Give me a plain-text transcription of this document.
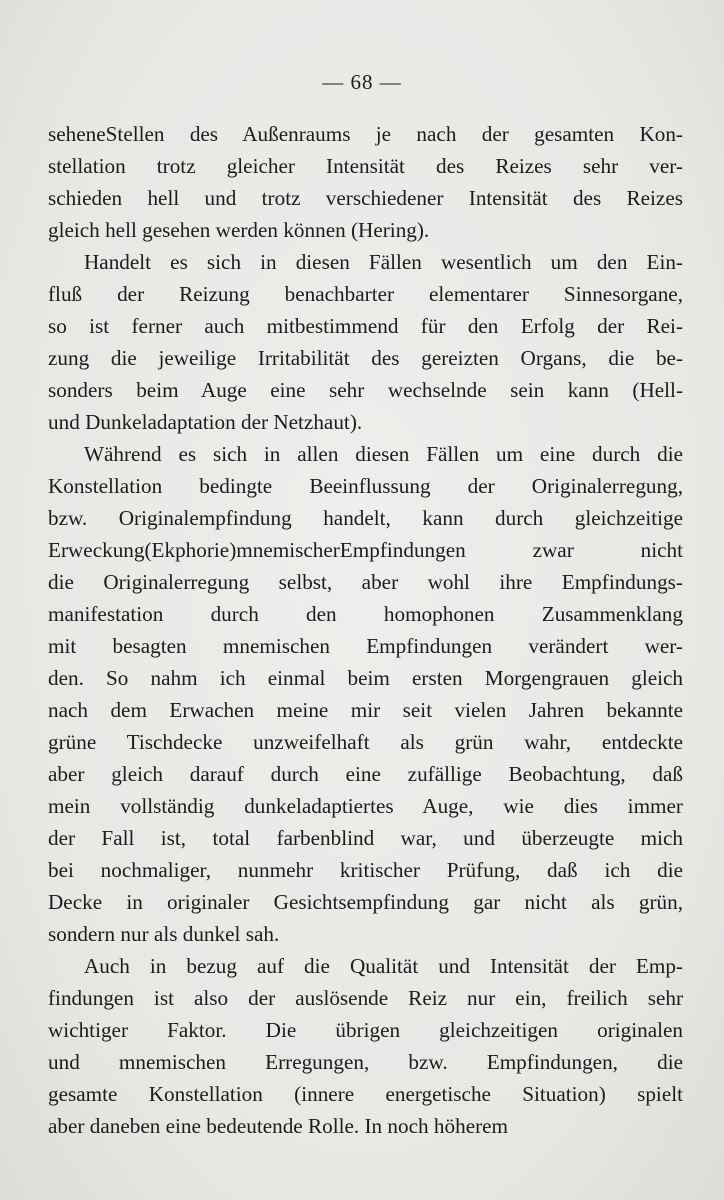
— 68 —
seheneStellen des Außenraums je nach der gesamten Kon-
stellation trotz gleicher Intensität des Reizes sehr ver-
schieden hell und trotz verschiedener Intensität des Reizes
gleich hell gesehen werden können (Hering).
Handelt es sich in diesen Fällen wesentlich um den Ein-
fluß der Reizung benachbarter elementarer Sinnesorgane,
so ist ferner auch mitbestimmend für den Erfolg der Rei-
zung die jeweilige Irritabilität des gereizten Organs, die be-
sonders beim Auge eine sehr wechselnde sein kann (Hell-
und Dunkeladaptation der Netzhaut).
Während es sich in allen diesen Fällen um eine durch die
Konstellation bedingte Beeinflussung der Originalerregung,
bzw. Originalempfindung handelt, kann durch gleichzeitige
Erweckung(Ekphorie)mnemischerEmpfindungen zwar nicht
die Originalerregung selbst, aber wohl ihre Empfindungs-
manifestation durch den homophonen Zusammenklang
mit besagten mnemischen Empfindungen verändert wer-
den. So nahm ich einmal beim ersten Morgengrauen gleich
nach dem Erwachen meine mir seit vielen Jahren bekannte
grüne Tischdecke unzweifelhaft als grün wahr, entdeckte
aber gleich darauf durch eine zufällige Beobachtung, daß
mein vollständig dunkeladaptiertes Auge, wie dies immer
der Fall ist, total farbenblind war, und überzeugte mich
bei nochmaliger, nunmehr kritischer Prüfung, daß ich die
Decke in originaler Gesichtsempfindung gar nicht als grün,
sondern nur als dunkel sah.
Auch in bezug auf die Qualität und Intensität der Emp-
findungen ist also der auslösende Reiz nur ein, freilich sehr
wichtiger Faktor. Die übrigen gleichzeitigen originalen
und mnemischen Erregungen, bzw. Empfindungen, die
gesamte Konstellation (innere energetische Situation) spielt
aber daneben eine bedeutende Rolle. In noch höherem
